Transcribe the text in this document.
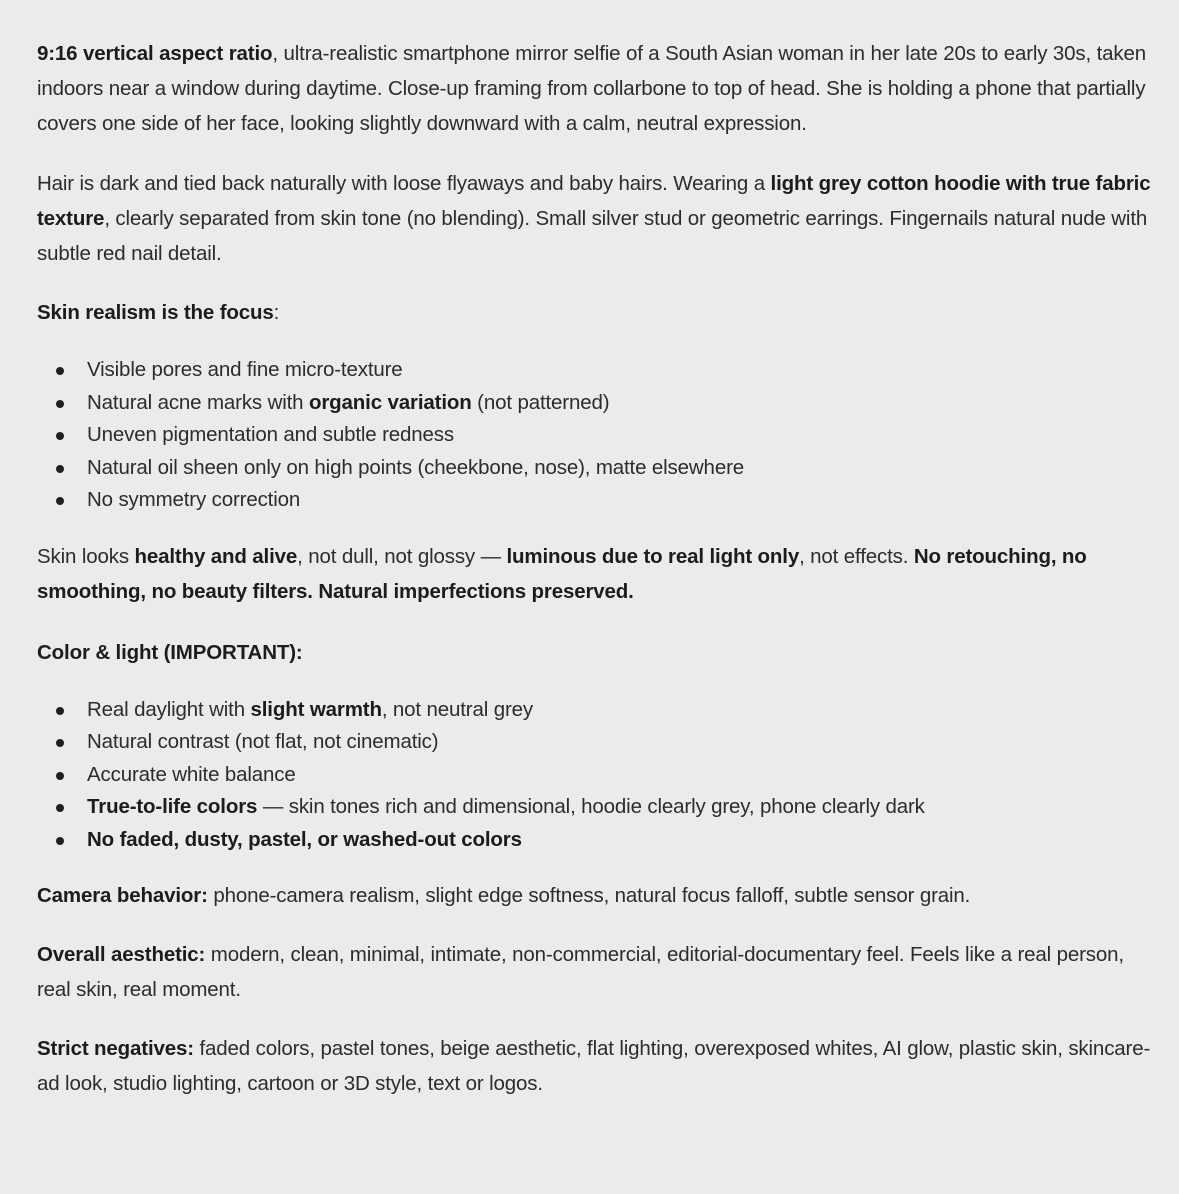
9:16 vertical aspect ratio, ultra-realistic smartphone mirror selfie of a South Asian woman in her late 20s to early 30s, taken indoors near a window during daytime. Close-up framing from collarbone to top of head. She is holding a phone that partially covers one side of her face, looking slightly downward with a calm, neutral expression.

Hair is dark and tied back naturally with loose flyaways and baby hairs. Wearing a light grey cotton hoodie with true fabric texture, clearly separated from skin tone (no blending). Small silver stud or geometric earrings. Fingernails natural nude with subtle red nail detail.

Skin realism is the focus:

Visible pores and fine micro-texture
Natural acne marks with organic variation (not patterned)
Uneven pigmentation and subtle redness
Natural oil sheen only on high points (cheekbone, nose), matte elsewhere
No symmetry correction

Skin looks healthy and alive, not dull, not glossy — luminous due to real light only, not effects. No retouching, no smoothing, no beauty filters. Natural imperfections preserved.

Color & light (IMPORTANT):

Real daylight with slight warmth, not neutral grey
Natural contrast (not flat, not cinematic)
Accurate white balance
True-to-life colors — skin tones rich and dimensional, hoodie clearly grey, phone clearly dark
No faded, dusty, pastel, or washed-out colors

Camera behavior: phone-camera realism, slight edge softness, natural focus falloff, subtle sensor grain.

Overall aesthetic: modern, clean, minimal, intimate, non-commercial, editorial-documentary feel. Feels like a real person, real skin, real moment.

Strict negatives: faded colors, pastel tones, beige aesthetic, flat lighting, overexposed whites, AI glow, plastic skin, skincare-ad look, studio lighting, cartoon or 3D style, text or logos.
